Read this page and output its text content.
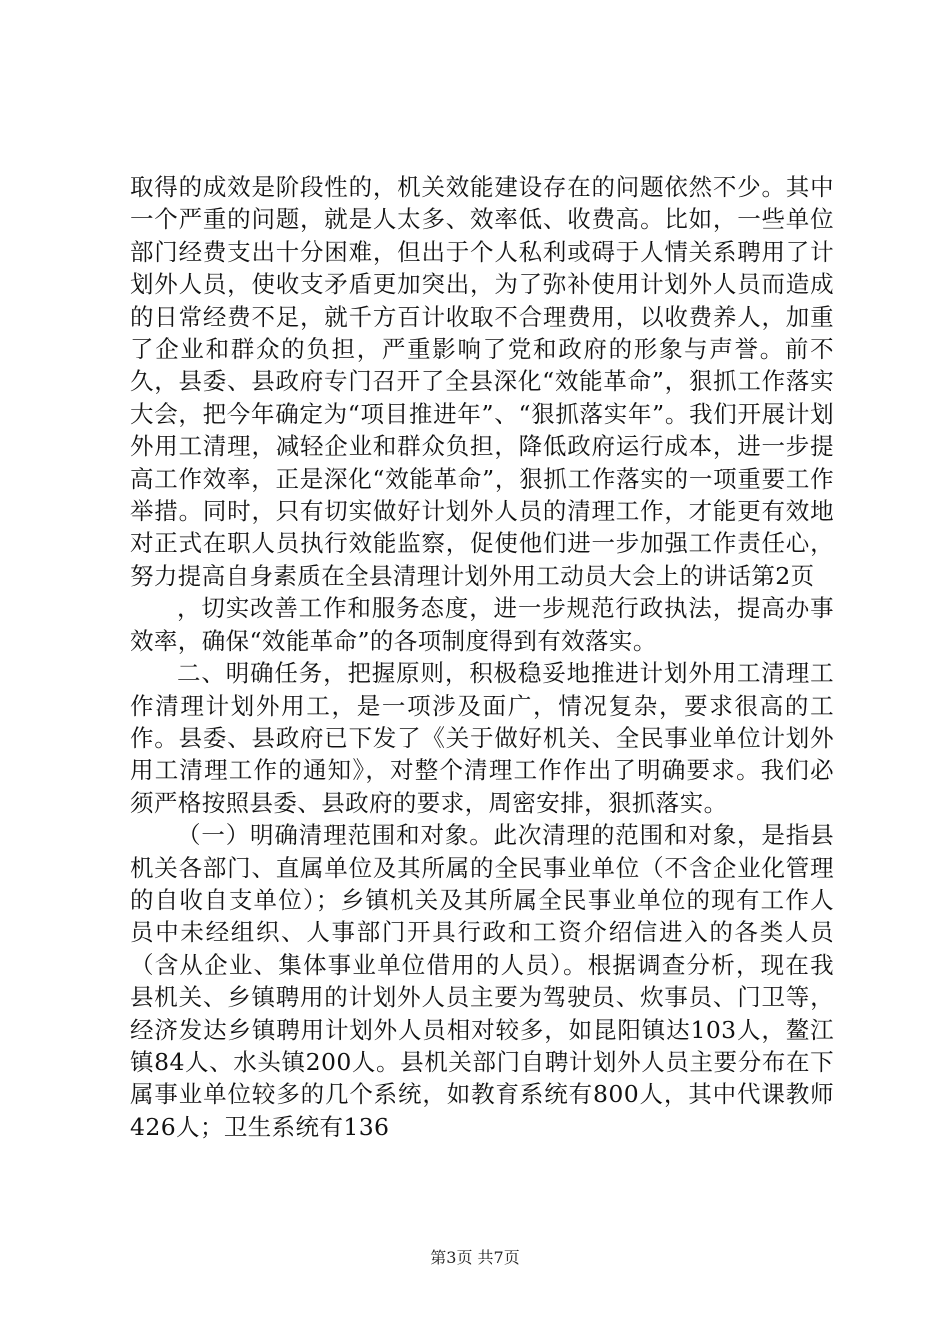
取得的成效是阶段性的，机关效能建设存在的问题依然不少。其中一个严重的问题，就是人太多、效率低、收费高。比如，一些单位部门经费支出十分困难，但出于个人私利或碍于人情关系聘用了计划外人员，使收支矛盾更加突出，为了弥补使用计划外人员而造成的日常经费不足，就千方百计收取不合理费用，以收费养人，加重了企业和群众的负担，严重影响了党和政府的形象与声誉。前不久，县委、县政府专门召开了全县深化“效能革命”，狠抓工作落实大会，把今年确定为“项目推进年”、“狠抓落实年”。我们开展计划外用工清理，减轻企业和群众负担，降低政府运行成本，进一步提高工作效率，正是深化“效能革命”，狠抓工作落实的一项重要工作举措。同时，只有切实做好计划外人员的清理工作，才能更有效地对正式在职人员执行效能监察，促使他们进一步加强工作责任心，努力提高自身素质在全县清理计划外用工动员大会上的讲话第2页

，切实改善工作和服务态度，进一步规范行政执法，提高办事效率，确保“效能革命”的各项制度得到有效落实。

二、明确任务，把握原则，积极稳妥地推进计划外用工清理工作清理计划外用工，是一项涉及面广，情况复杂，要求很高的工作。县委、县政府已下发了《关于做好机关、全民事业单位计划外用工清理工作的通知》，对整个清理工作作出了明确要求。我们必须严格按照县委、县政府的要求，周密安排，狠抓落实。

（一）明确清理范围和对象。此次清理的范围和对象，是指县机关各部门、直属单位及其所属的全民事业单位（不含企业化管理的自收自支单位）；乡镇机关及其所属全民事业单位的现有工作人员中未经组织、人事部门开具行政和工资介绍信进入的各类人员（含从企业、集体事业单位借用的人员）。根据调查分析，现在我县机关、乡镇聘用的计划外人员主要为驾驶员、炊事员、门卫等，经济发达乡镇聘用计划外人员相对较多，如昆阳镇达103人，鳌江镇84人、水头镇200人。县机关部门自聘计划外人员主要分布在下属事业单位较多的几个系统，如教育系统有800人，其中代课教师426人；卫生系统有136

第3页 共7页
